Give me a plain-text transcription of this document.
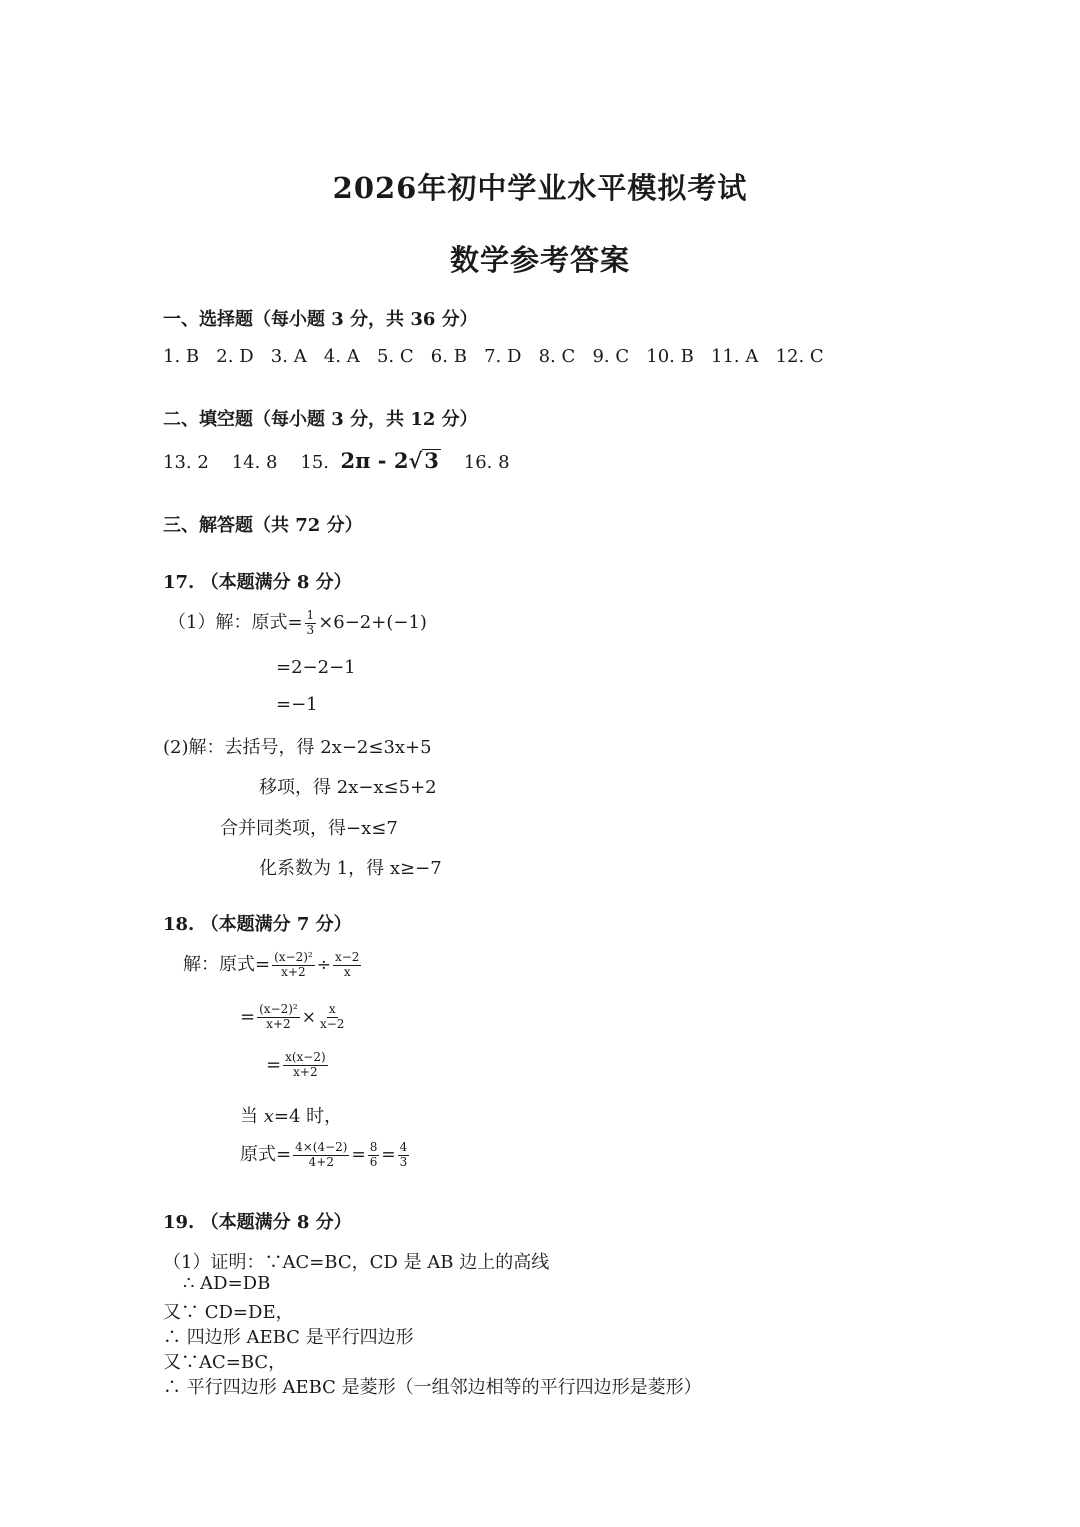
2026年初中学业水平模拟考试
数学参考答案
一、选择题（每小题 3 分，共 36 分）
1. B 2. D 3. A 4. A 5. C 6. B 7. D 8. C 9. C 10. B 11. A 12. C
二、填空题（每小题 3 分，共 12 分）
13. 2 14. 8 15. 2π - 2√3 16. 8
三、解答题（共 72 分）
17. （本题满分 8 分）
（1）解：原式= $\frac{1}{3} \times 6-2+(-1)$
=2−2−1
=−1
(2)解：去括号，得 2x−2≤3x+5
移项，得 2x−x≤5+2
合并同类项，得−x≤7
化系数为 1，得 x≥−7
18. （本题满分 7 分）
解：原式= $\frac{\text{(x−2)²}}{x+2} \div \frac{x-2}{x}$
= $\frac{\text{(x−2)²}}{x+2} \times \frac{x}{x-2}$
= $\frac{x(x-2)}{x+2}$
当 x=4 时，
原式= $\frac{4\times(4-2)}{4+2} = \frac{8}{6} = \frac{4}{3}$
19. （本题满分 8 分）
（1）证明：∵AC=BC，CD 是 AB 边上的高线
∴ AD=DB
又∵ CD=DE，
∴ 四边形 AEBC 是平行四边形
又∵AC=BC，
∴ 平行四边形 AEBC 是菱形（一组邻边相等的平行四边形是菱形）
